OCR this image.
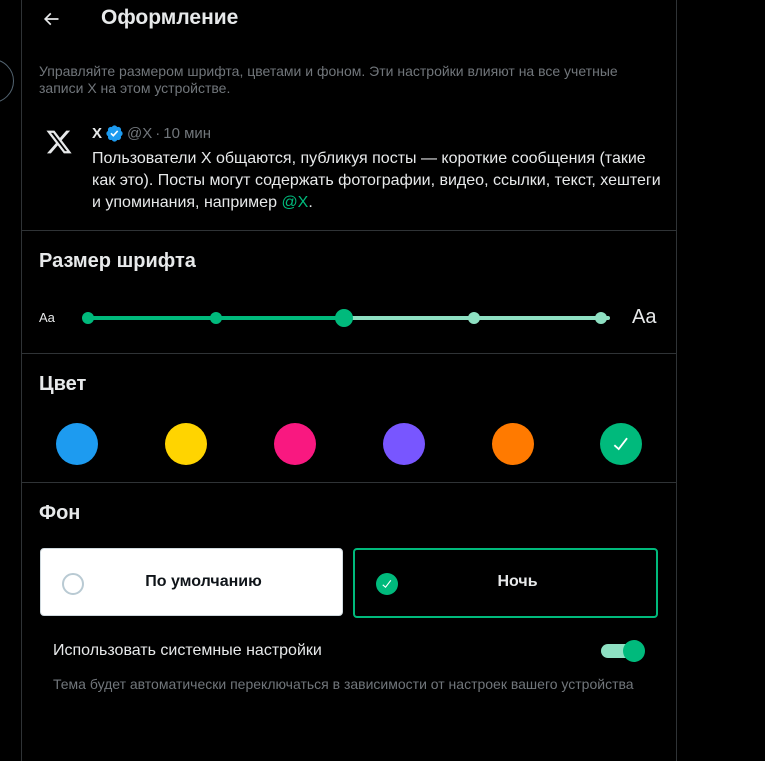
Оформление
Управляйте размером шрифта, цветами и фоном. Эти настройки влияют на все учетные записи X на этом устройстве.
X @X · 10 мин
Пользователи X общаются, публикуя посты — короткие сообщения (такие как это). Посты могут содержать фотографии, видео, ссылки, текст, хештеги и упоминания, например @X.
Размер шрифта
Aa	Aa
Цвет
Фон
По умолчанию	Ночь
Использовать системные настройки
Тема будет автоматически переключаться в зависимости от настроек вашего устройства
